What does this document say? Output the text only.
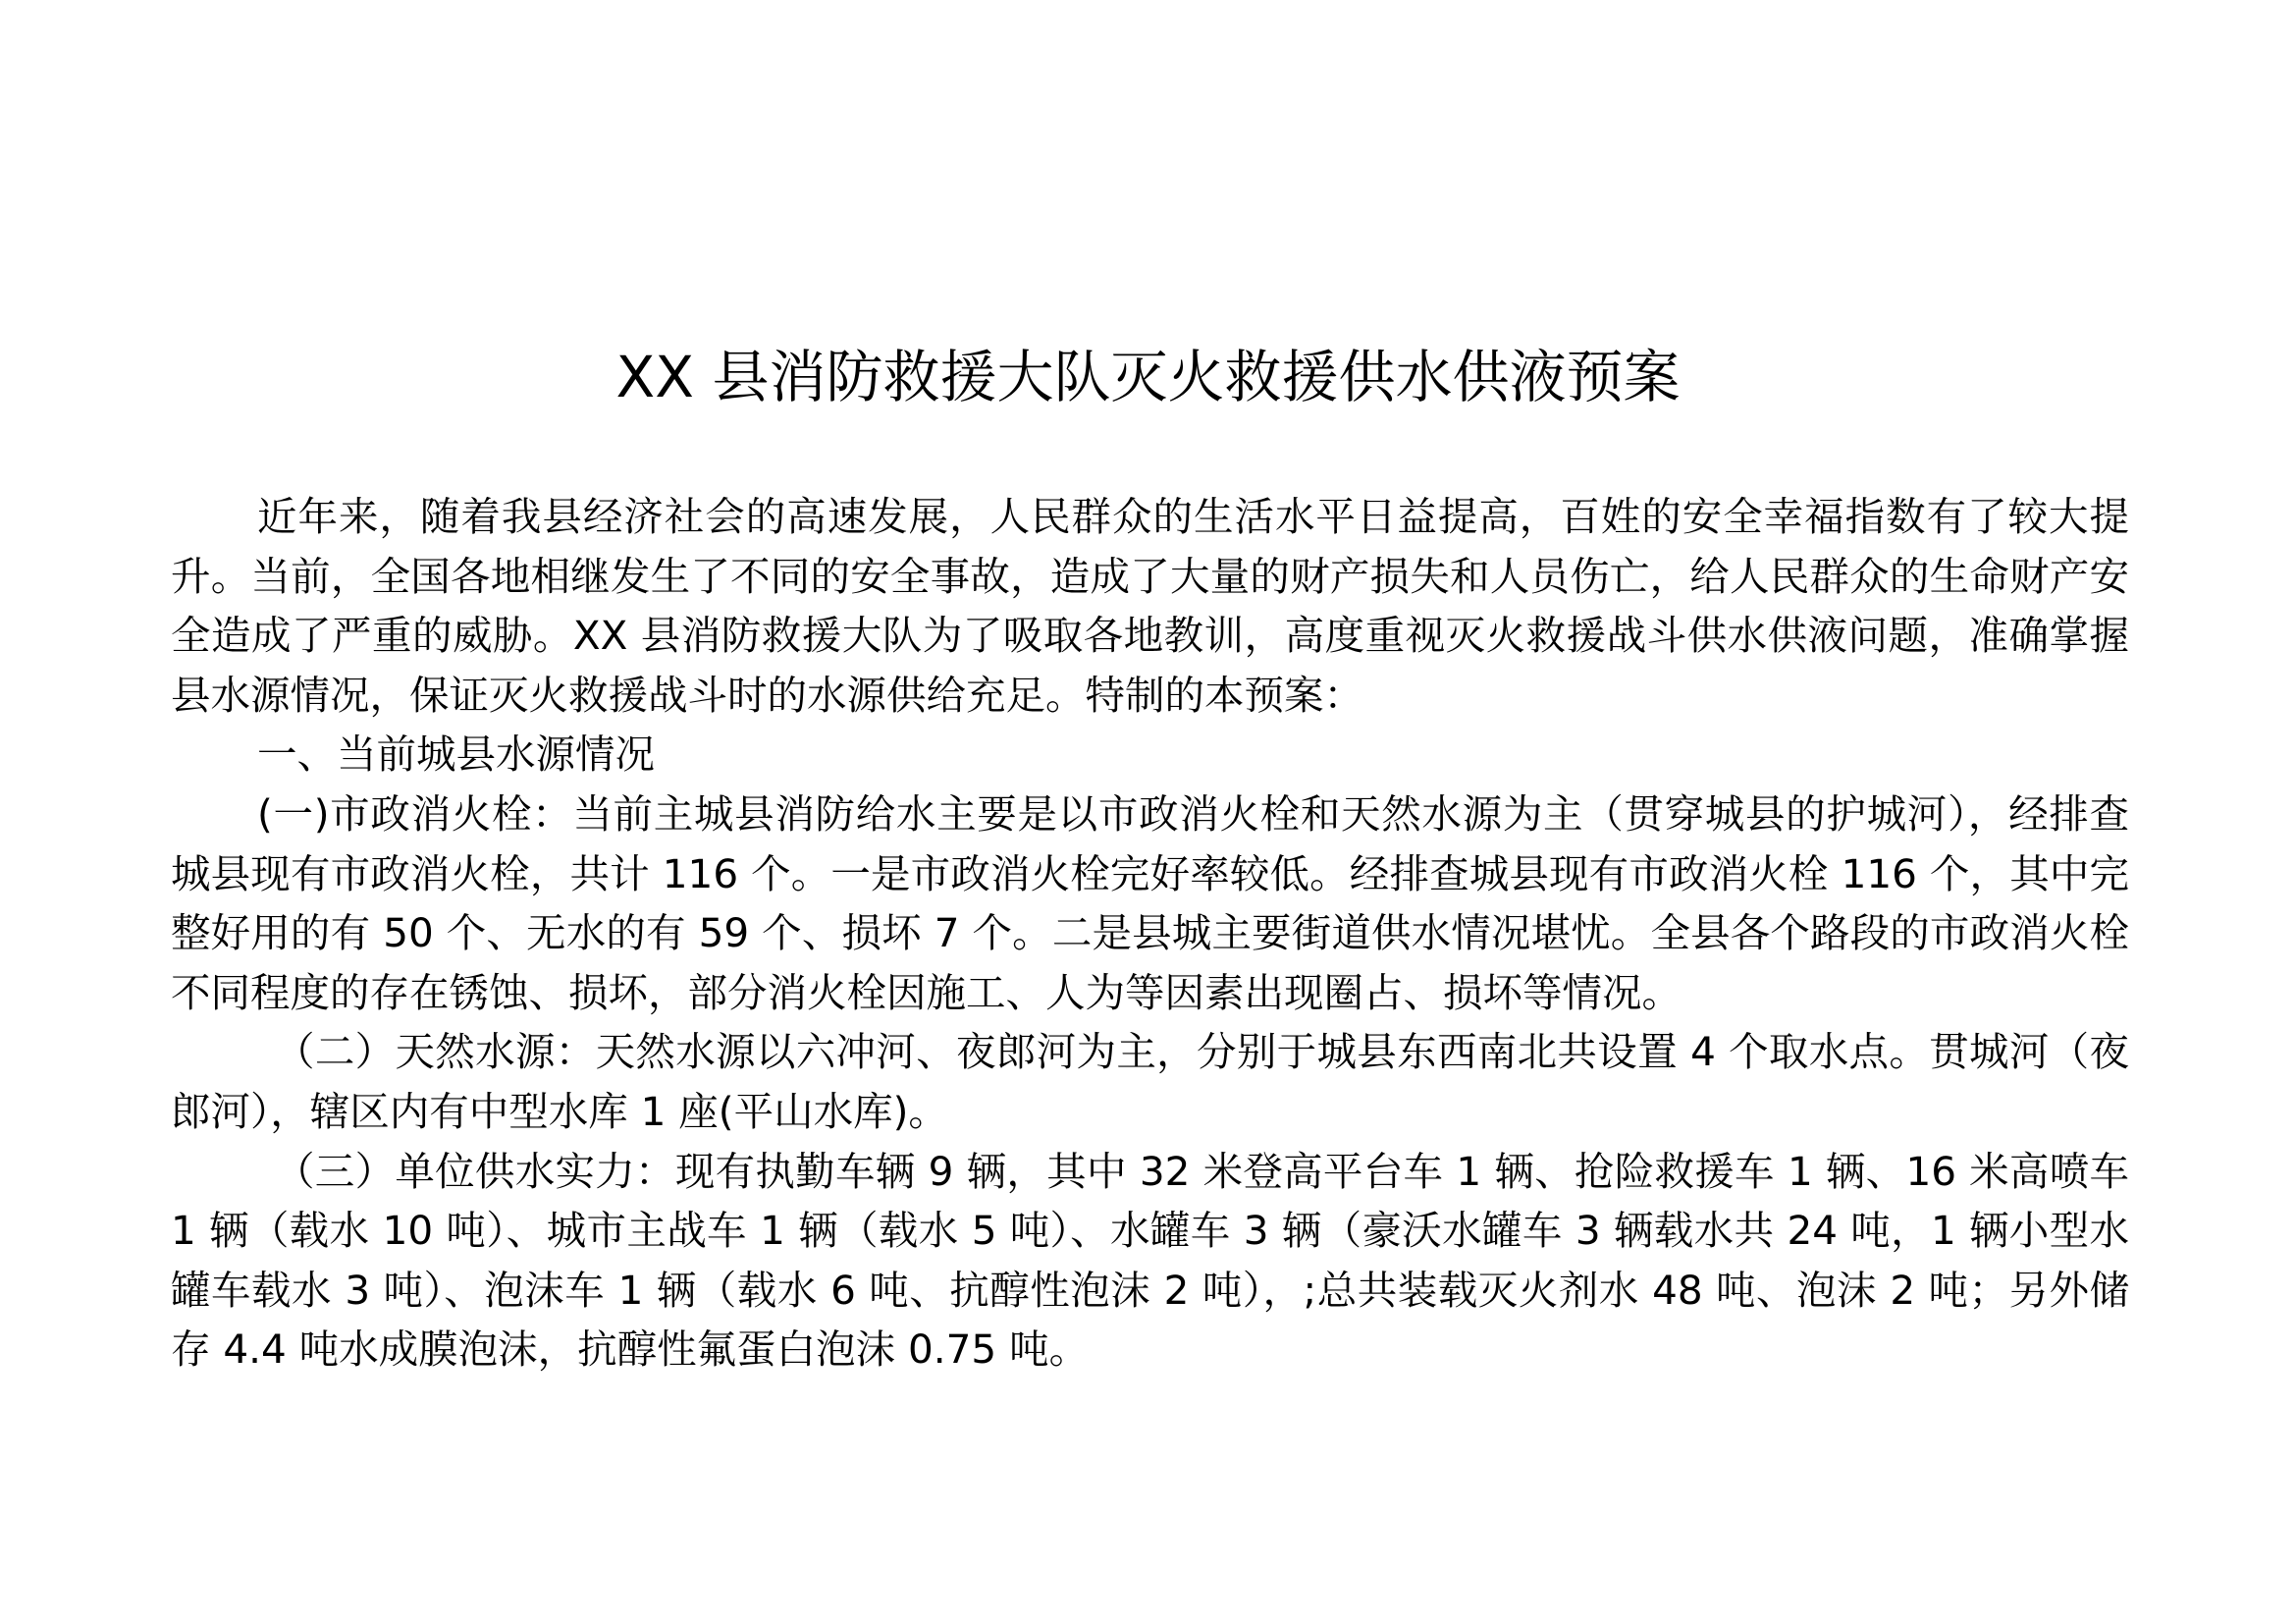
XX 县消防救援大队灭火救援供水供液预案

近年来，随着我县经济社会的高速发展，人民群众的生活水平日益提高，百姓的安全幸福指数有了较大提升。当前，全国各地相继发生了不同的安全事故，造成了大量的财产损失和人员伤亡，给人民群众的生命财产安全造成了严重的威胁。XX 县消防救援大队为了吸取各地教训，高度重视灭火救援战斗供水供液问题，准确掌握县水源情况，保证灭火救援战斗时的水源供给充足。特制的本预案：

一、当前城县水源情况

(一)市政消火栓：当前主城县消防给水主要是以市政消火栓和天然水源为主（贯穿城县的护城河），经排查城县现有市政消火栓，共计 116 个。一是市政消火栓完好率较低。经排查城县现有市政消火栓 116 个，其中完整好用的有 50 个、无水的有 59 个、损坏 7 个。二是县城主要街道供水情况堪忧。全县各个路段的市政消火栓不同程度的存在锈蚀、损坏，部分消火栓因施工、人为等因素出现圈占、损坏等情况。

（二）天然水源：天然水源以六冲河、夜郎河为主，分别于城县东西南北共设置 4 个取水点。贯城河（夜郎河），辖区内有中型水库 1 座(平山水库)。

（三）单位供水实力：现有执勤车辆 9 辆，其中 32 米登高平台车 1 辆、抢险救援车 1 辆、16 米高喷车 1 辆（载水 10 吨）、城市主战车 1 辆（载水 5 吨）、水罐车 3 辆（豪沃水罐车 3 辆载水共 24 吨，1 辆小型水罐车载水 3 吨）、泡沫车 1 辆（载水 6 吨、抗醇性泡沫 2 吨），;总共装载灭火剂水 48 吨、泡沫 2 吨；另外储存 4.4 吨水成膜泡沫，抗醇性氟蛋白泡沫 0.75 吨。
